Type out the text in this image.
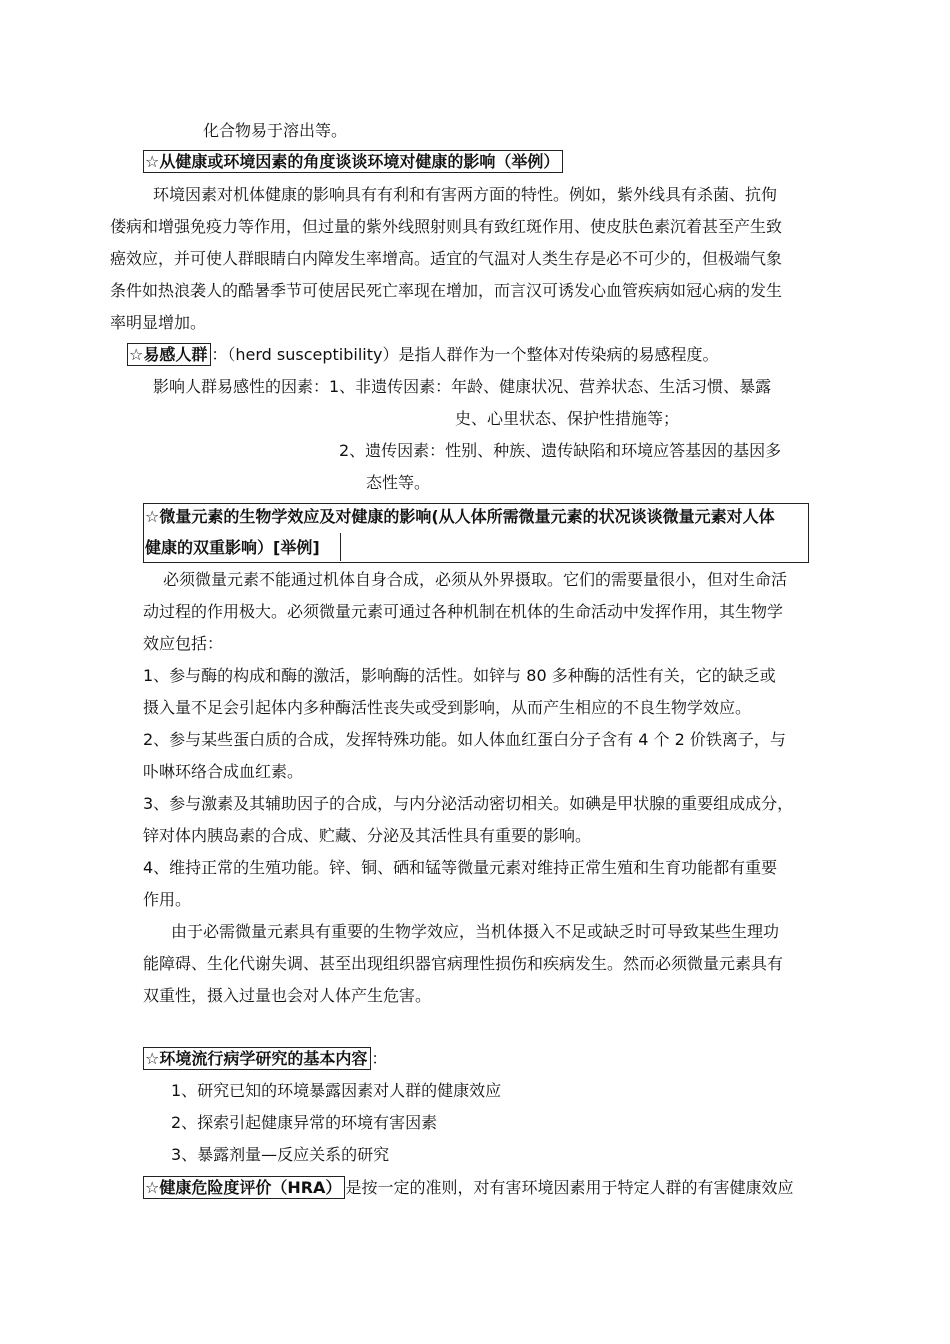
化合物易于溶出等。
☆从健康或环境因素的角度谈谈环境对健康的影响（举例）
环境因素对机体健康的影响具有有利和有害两方面的特性。例如，紫外线具有杀菌、抗佝
偻病和增强免疫力等作用，但过量的紫外线照射则具有致红斑作用、使皮肤色素沉着甚至产生致
癌效应，并可使人群眼睛白内障发生率增高。适宜的气温对人类生存是必不可少的，但极端气象
条件如热浪袭人的酷暑季节可使居民死亡率现在增加，而言汉可诱发心血管疾病如冠心病的发生
率明显增加。
☆易感人群 ：（herd susceptibility）是指人群作为一个整体对传染病的易感程度。
影响人群易感性的因素：1、非遗传因素：年龄、健康状况、营养状态、生活习惯、暴露
史、心里状态、保护性措施等；
2、遗传因素：性别、种族、遗传缺陷和环境应答基因的基因多
态性等。
☆微量元素的生物学效应及对健康的影响(从人体所需微量元素的状况谈谈微量元素对人体
健康的双重影响）[举例]
必须微量元素不能通过机体自身合成，必须从外界摄取。它们的需要量很小，但对生命活
动过程的作用极大。必须微量元素可通过各种机制在机体的生命活动中发挥作用，其生物学
效应包括：
1、参与酶的构成和酶的激活，影响酶的活性。如锌与 80 多种酶的活性有关，它的缺乏或
摄入量不足会引起体内多种酶活性丧失或受到影响，从而产生相应的不良生物学效应。
2、参与某些蛋白质的合成，发挥特殊功能。如人体血红蛋白分子含有 4 个 2 价铁离子，与
卟啉环络合成血红素。
3、参与激素及其辅助因子的合成，与内分泌活动密切相关。如碘是甲状腺的重要组成成分，
锌对体内胰岛素的合成、贮藏、分泌及其活性具有重要的影响。
4、维持正常的生殖功能。锌、铜、硒和锰等微量元素对维持正常生殖和生育功能都有重要
作用。
由于必需微量元素具有重要的生物学效应，当机体摄入不足或缺乏时可导致某些生理功
能障碍、生化代谢失调、甚至出现组织器官病理性损伤和疾病发生。然而必须微量元素具有
双重性，摄入过量也会对人体产生危害。
☆环境流行病学研究的基本内容 ：
1、研究已知的环境暴露因素对人群的健康效应
2、探索引起健康异常的环境有害因素
3、暴露剂量—反应关系的研究
☆健康危险度评价（HRA） 是按一定的准则，对有害环境因素用于特定人群的有害健康效应
